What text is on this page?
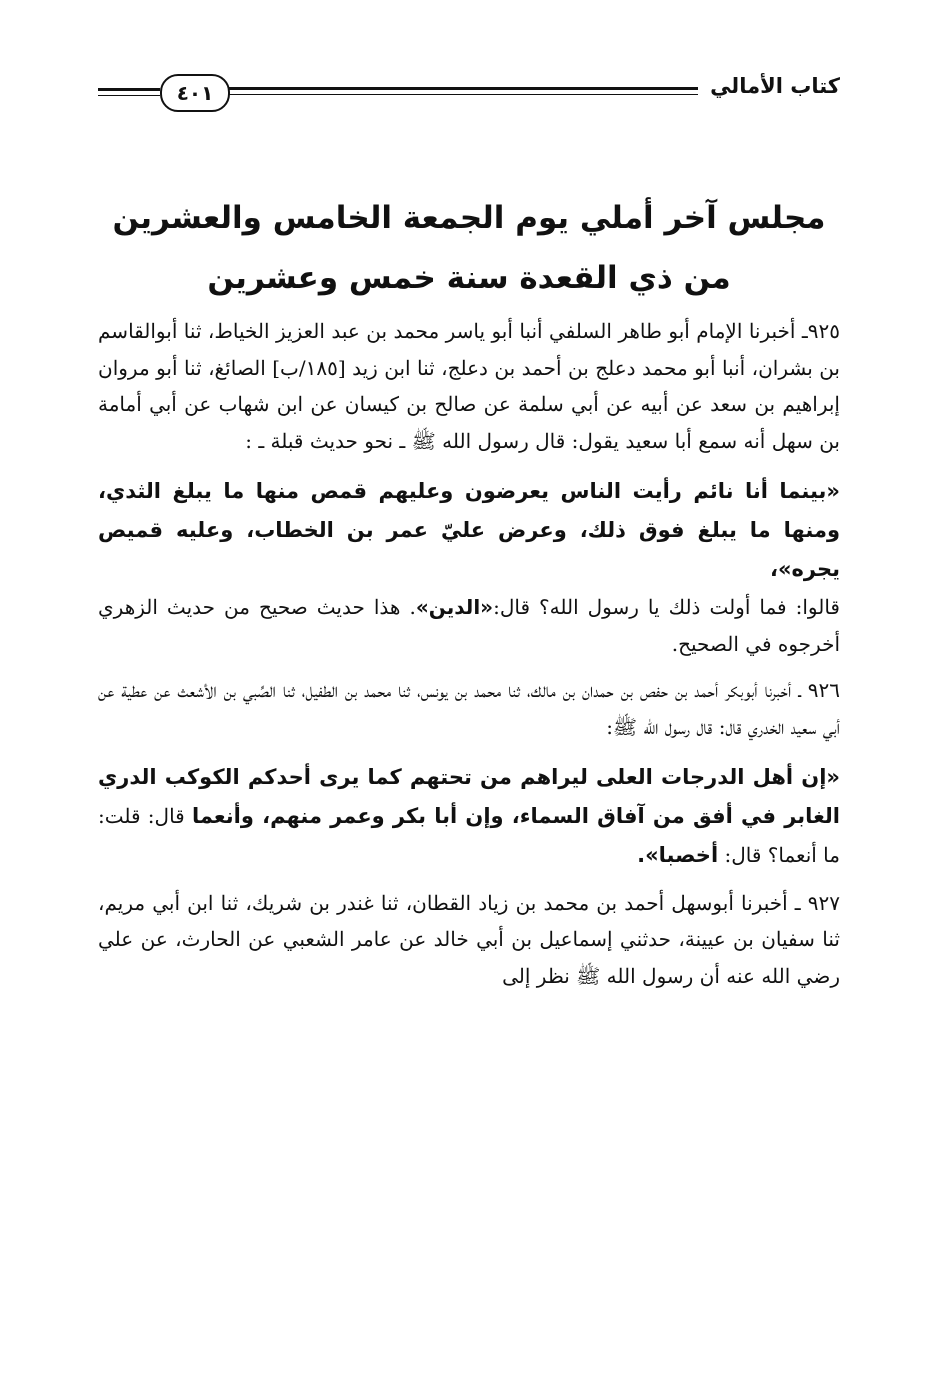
كتاب الأمالي
٤٠١
مجلس آخر أملي يوم الجمعة الخامس والعشرين
من ذي القعدة سنة خمس وعشرين

٩٢٥ـ أخبرنا الإمام أبو طاهر السلفي أنبا أبو ياسر محمد بن عبد العزيز الخياط، ثنا أبوالقاسم بن بشران، أنبا أبو محمد دعلج بن أحمد بن دعلج، ثنا ابن زيد [١٨٥/ب] الصائغ، ثنا أبو مروان إبراهيم بن سعد عن أبيه عن أبي سلمة عن صالح بن كيسان عن ابن شهاب عن أبي أمامة بن سهل أنه سمع أبا سعيد يقول: قال رسول الله ﷺ ـ نحو حديث قبلة ـ :

«بينما أنا نائم رأيت الناس يعرضون وعليهم قمص منها ما يبلغ الثدي، ومنها ما يبلغ فوق ذلك، وعرض عليّ عمر بن الخطاب، وعليه قميص يجره»،

قالوا: فما أولت ذلك يا رسول الله؟ قال:«الدين». هذا حديث صحيح من حديث الزهري أخرجوه في الصحيح.

٩٢٦ ـ أخبرنا أبوبكر أحمد بن حفص بن حمدان بن مالك، ثنا محمد بن يونس، ثنا محمد بن الطفيل، ثنا الصِّبي بن الأشعث عن عطية عن أبي سعيد الخدري قال: قال رسول الله ﷺ:

«إن أهل الدرجات العلى ليراهم من تحتهم كما يرى أحدكم الكوكب الدري الغابر في أفق من آفاق السماء، وإن أبا بكر وعمر منهم، وأنعما قال: قلت: ما أنعما؟ قال: أخصبا».

٩٢٧ ـ أخبرنا أبوسهل أحمد بن محمد بن زياد القطان، ثنا غندر بن شريك، ثنا ابن أبي مريم، ثنا سفيان بن عيينة، حدثني إسماعيل بن أبي خالد عن عامر الشعبي عن الحارث، عن علي رضي الله عنه أن رسول الله ﷺ نظر إلى
